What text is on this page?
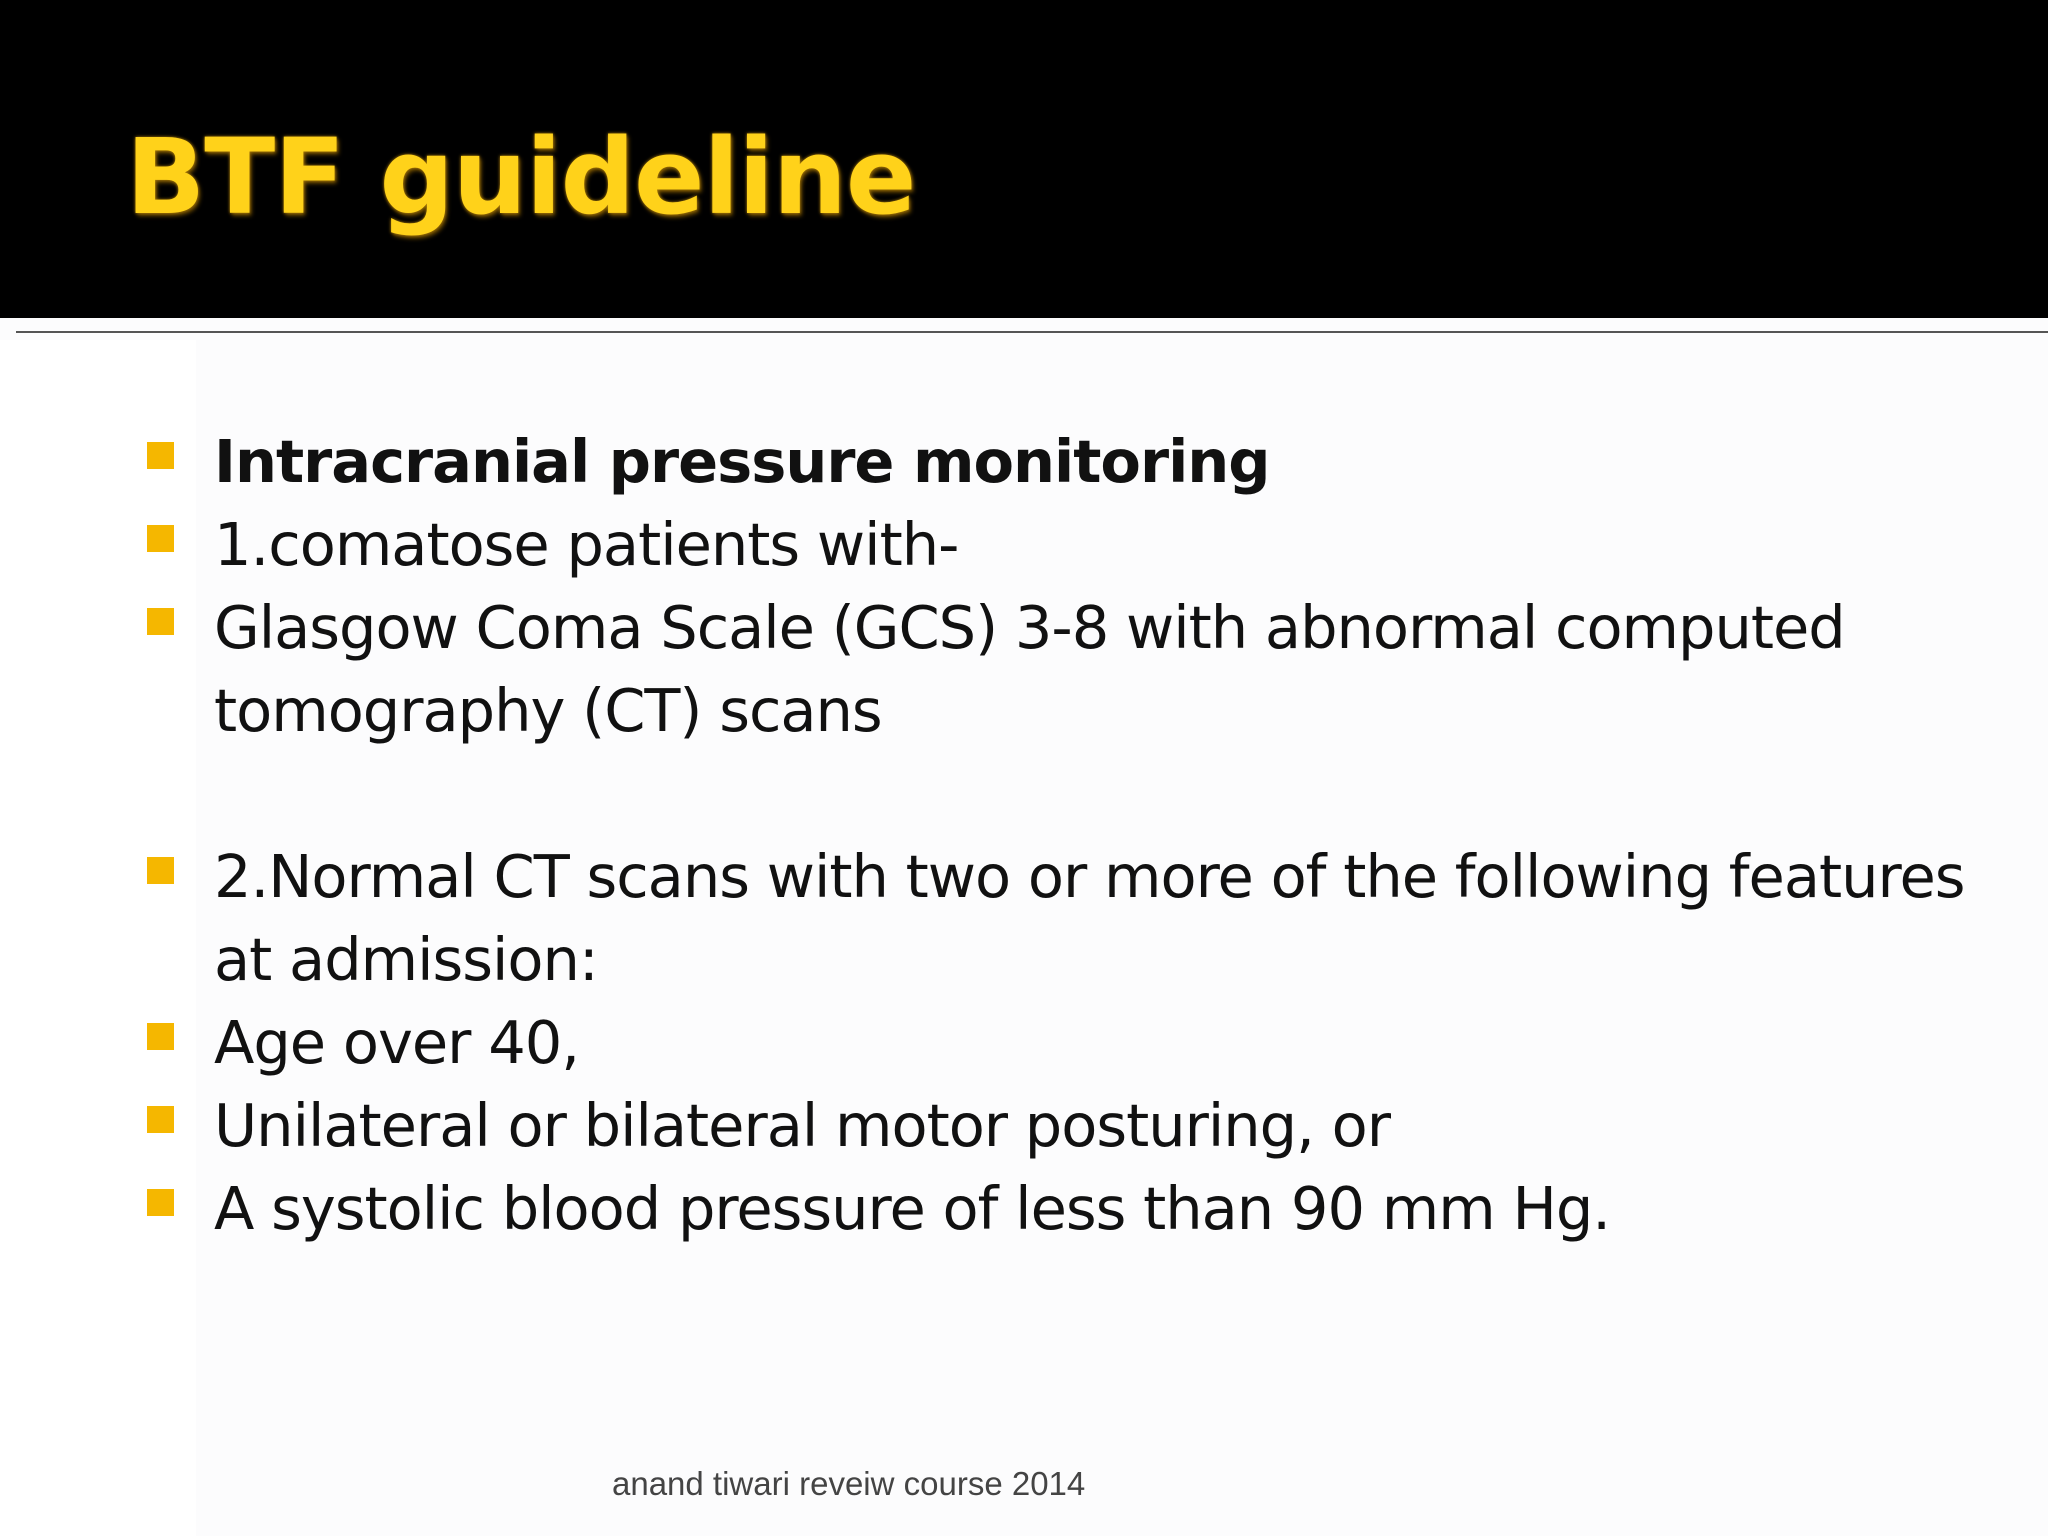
BTF guideline
Intracranial pressure monitoring
1.comatose patients with-
Glasgow Coma Scale (GCS) 3-8 with abnormal computed tomography (CT) scans
2.Normal CT scans with two or more of the following features at admission:
Age over 40,
Unilateral or bilateral motor posturing, or
A systolic blood pressure of less than 90 mm Hg.
anand tiwari reveiw course 2014
